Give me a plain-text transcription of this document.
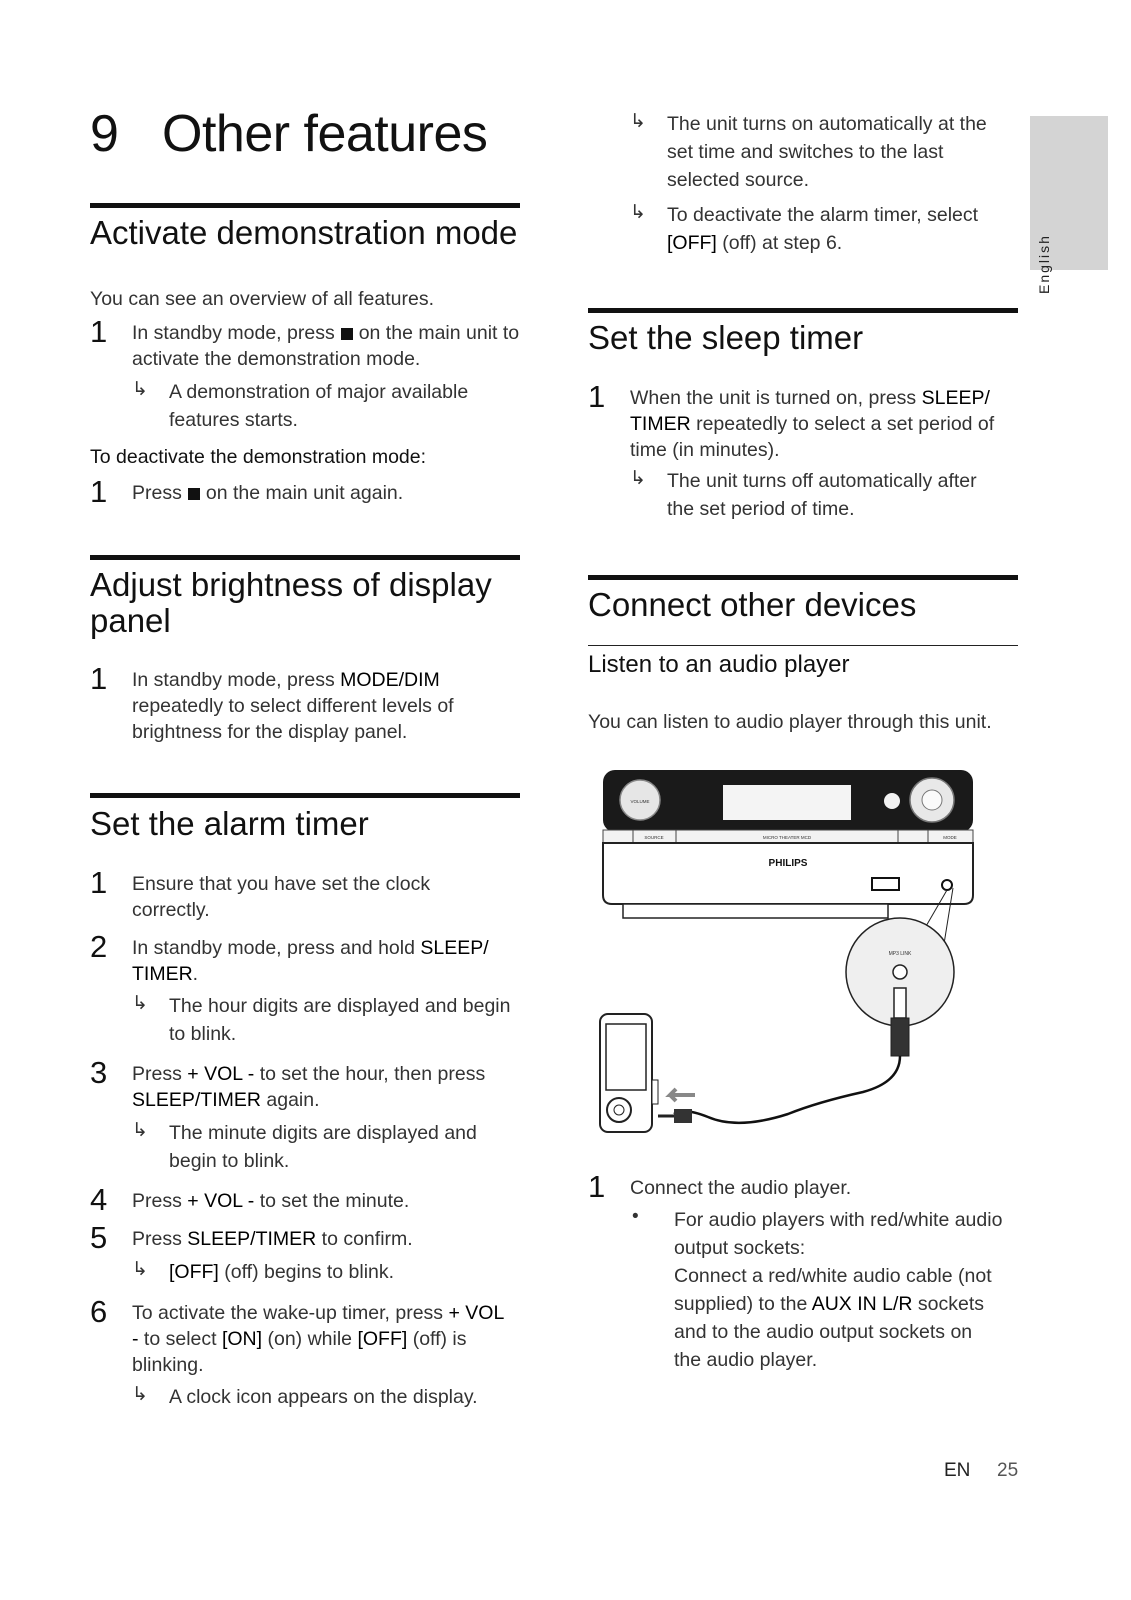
9 Other features
Activate demonstration mode
You can see an overview of all features.
1 In standby mode, press on the main unit to activate the demonstration mode.
↳ A demonstration of major available features starts.
To deactivate the demonstration mode:
1 Press on the main unit again.
Adjust brightness of display
panel
1 In standby mode, press MODE/DIM repeatedly to select different levels of brightness for the display panel.
Set the alarm timer
1 Ensure that you have set the clock correctly.
2 In standby mode, press and hold SLEEP/ TIMER.
↳ The hour digits are displayed and begin to blink.
3 Press + VOL - to set the hour, then press SLEEP/TIMER again.
↳ The minute digits are displayed and begin to blink.
4 Press + VOL - to set the minute.
5 Press SLEEP/TIMER to confirm.
↳ [OFF] (off) begins to blink.
6 To activate the wake-up timer, press + VOL - to select [ON] (on) while [OFF] (off) is blinking.
↳ A clock icon appears on the display.
↳ The unit turns on automatically at the set time and switches to the last selected source.
↳ To deactivate the alarm timer, select [OFF] (off) at step 6.
Set the sleep timer
1 When the unit is turned on, press SLEEP/ TIMER repeatedly to select a set period of time (in minutes).
↳ The unit turns off automatically after the set period of time.
Connect other devices
Listen to an audio player
You can listen to audio player through this unit.
VOLUME
SOURCE	MICRO THEATER MCD	MODE
PHILIPS
MP3 LINK
1 Connect the audio player.
• For audio players with red/white audio output sockets:
Connect a red/white audio cable (not supplied) to the AUX IN L/R sockets and to the audio output sockets on the audio player.
English
EN 25
